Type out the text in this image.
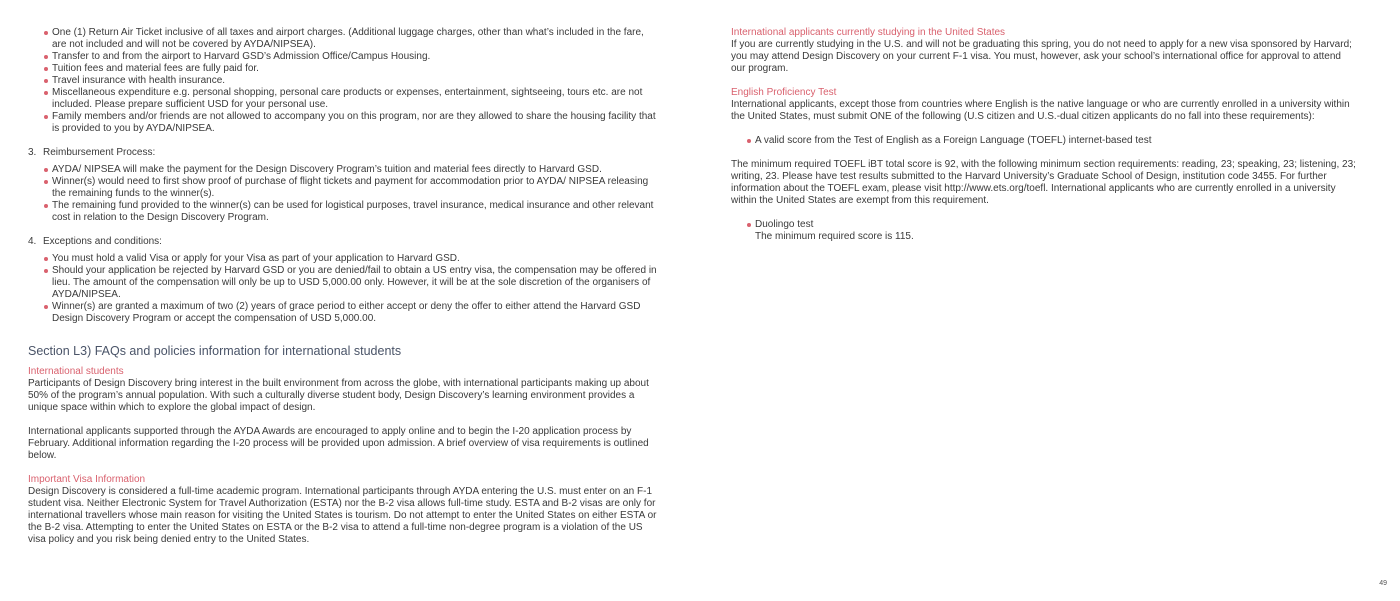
One (1) Return Air Ticket inclusive of all taxes and airport charges. (Additional luggage charges, other than what’s included in the fare, are not included and will not be covered by AYDA/NIPSEA).
Transfer to and from the airport to Harvard GSD’s Admission Office/Campus Housing.
Tuition fees and material fees are fully paid for.
Travel insurance with health insurance.
Miscellaneous expenditure e.g. personal shopping, personal care products or expenses, entertainment, sightseeing, tours etc. are not included. Please prepare sufficient USD for your personal use.
Family members and/or friends are not allowed to accompany you on this program, nor are they allowed to share the housing facility that is provided to you by AYDA/NIPSEA.
3. Reimbursement Process:
AYDA/ NIPSEA will make the payment for the Design Discovery Program’s tuition and material fees directly to Harvard GSD.
Winner(s) would need to first show proof of purchase of flight tickets and payment for accommodation prior to AYDA/ NIPSEA releasing the remaining funds to the winner(s).
The remaining fund provided to the winner(s) can be used for logistical purposes, travel insurance, medical insurance and other relevant cost in relation to the Design Discovery Program.
4. Exceptions and conditions:
You must hold a valid Visa or apply for your Visa as part of your application to Harvard GSD.
Should your application be rejected by Harvard GSD or you are denied/fail to obtain a US entry visa, the compensation may be offered in lieu. The amount of the compensation will only be up to USD 5,000.00 only. However, it will be at the sole discretion of the organisers of AYDA/NIPSEA.
Winner(s) are granted a maximum of two (2) years of grace period to either accept or deny the offer to either attend the Harvard GSD Design Discovery Program or accept the compensation of USD 5,000.00.
Section L3) FAQs and policies information for international students
International students

Participants of Design Discovery bring interest in the built environment from across the globe, with international participants making up about 50% of the program’s annual population. With such a culturally diverse student body, Design Discovery’s learning environment provides a unique space within which to explore the global impact of design.

International applicants supported through the AYDA Awards are encouraged to apply online and to begin the I-20 application process by February. Additional information regarding the I-20 process will be provided upon admission. A brief overview of visa requirements is outlined below.

Important Visa Information

Design Discovery is considered a full-time academic program. International participants through AYDA entering the U.S. must enter on an F-1 student visa. Neither Electronic System for Travel Authorization (ESTA) nor the B-2 visa allows full-time study. ESTA and B-2 visas are only for international travellers whose main reason for visiting the United States is tourism. Do not attempt to enter the United States on either ESTA or the B-2 visa. Attempting to enter the United States on ESTA or the B-2 visa to attend a full-time non-degree program is a violation of the US visa policy and you risk being denied entry to the United States.

International applicants currently studying in the United States

If you are currently studying in the U.S. and will not be graduating this spring, you do not need to apply for a new visa sponsored by Harvard; you may attend Design Discovery on your current F-1 visa. You must, however, ask your school’s international office for approval to attend our program.

English Proficiency Test

International applicants, except those from countries where English is the native language or who are currently enrolled in a university within the United States, must submit ONE of the following (U.S citizen and U.S.-dual citizen applicants do no fall into these requirements):

A valid score from the Test of English as a Foreign Language (TOEFL) internet-based test

The minimum required TOEFL iBT total score is 92, with the following minimum section requirements: reading, 23; speaking, 23; listening, 23; writing, 23. Please have test results submitted to the Harvard University’s Graduate School of Design, institution code 3455. For further information about the TOEFL exam, please visit http://www.ets.org/toefl. International applicants who are currently enrolled in a university within the United States are exempt from this requirement.

Duolingo test
The minimum required score is 115.
49
